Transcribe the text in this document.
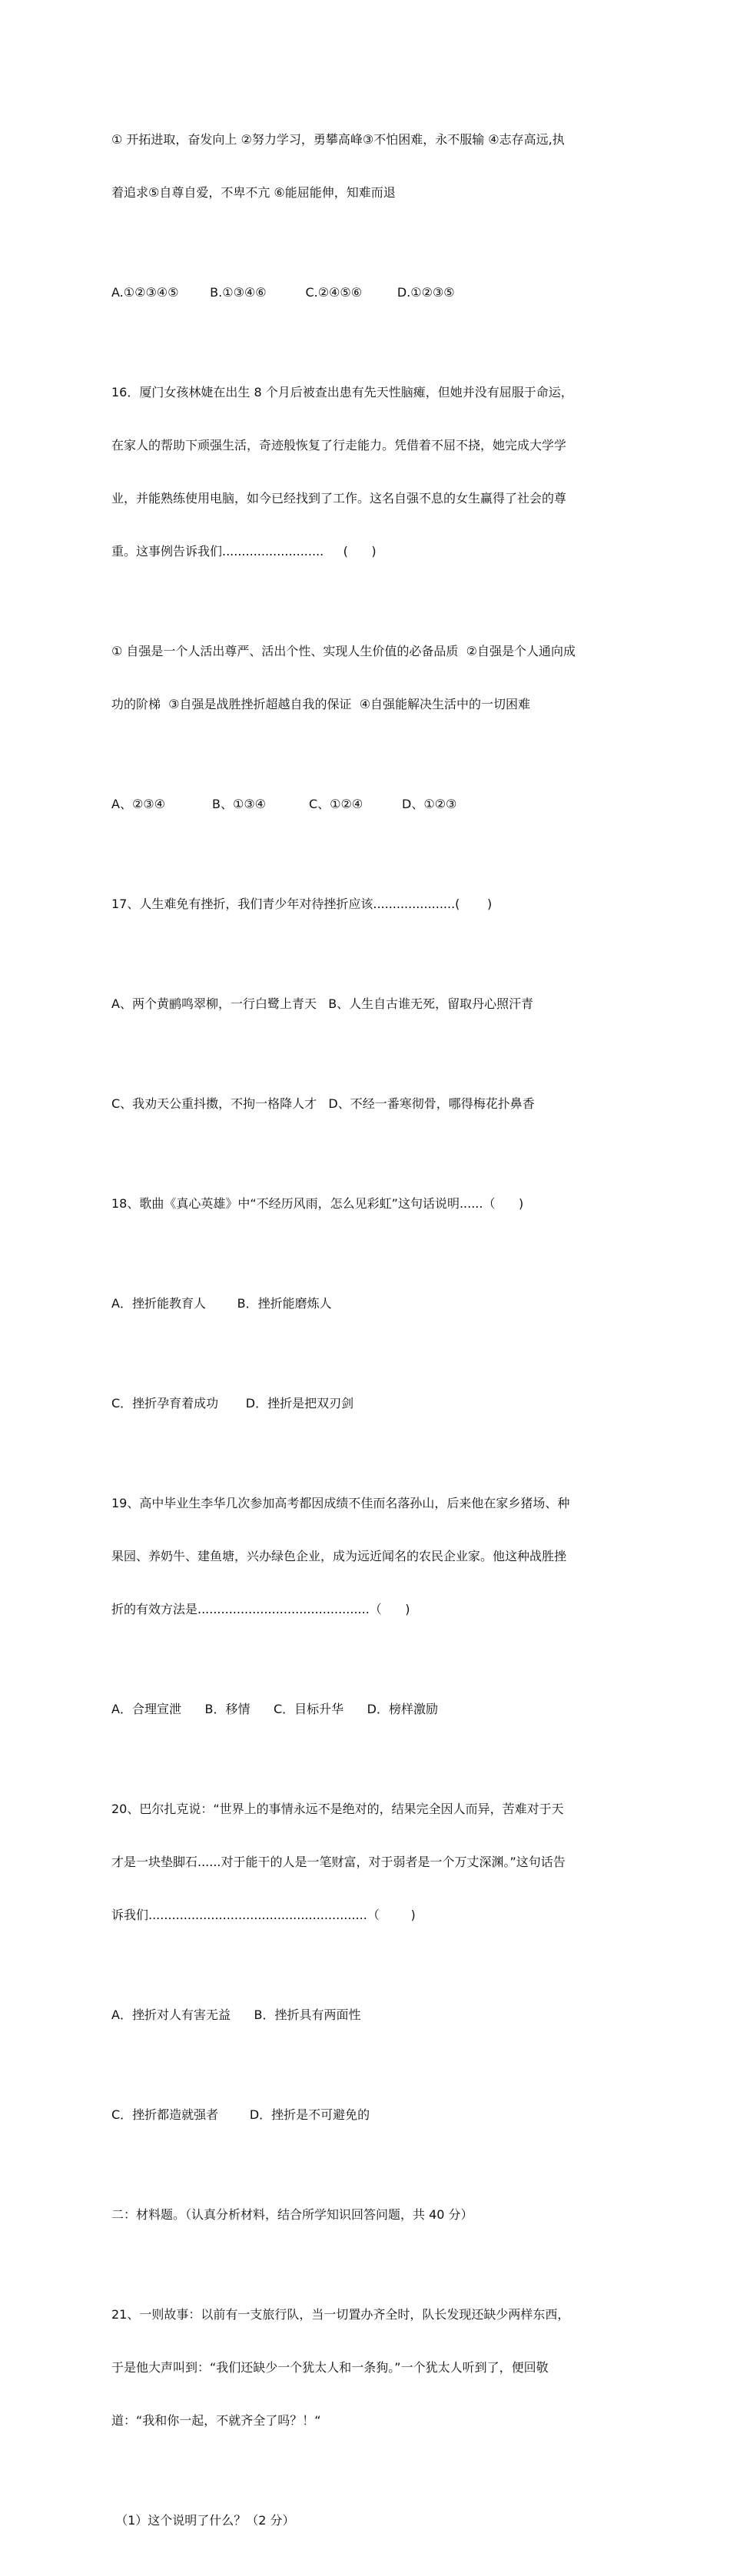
① 开拓进取，奋发向上 ②努力学习，勇攀高峰③不怕困难，永不服输 ④志存高远,执

着追求⑤自尊自爱，不卑不亢 ⑥能屈能伸，知难而退

A.①②③④⑤        B.①③④⑥          C.②④⑤⑥         D.①②③⑤

16．厦门女孩林婕在出生 8 个月后被查出患有先天性脑瘫，但她并没有屈服于命运，

在家人的帮助下顽强生活，奇迹般恢复了行走能力。凭借着不屈不挠，她完成大学学

业，并能熟练使用电脑，如今已经找到了工作。这名自强不息的女生赢得了社会的尊

重。这事例告诉我们..........................     (      )

① 自强是一个人活出尊严、活出个性、实现人生价值的必备品质  ②自强是个人通向成

功的阶梯  ③自强是战胜挫折超越自我的保证  ④自强能解决生活中的一切困难

A、②③④            B、①③④           C、①②④          D、①②③

17、人生难免有挫折，我们青少年对待挫折应该.....................(       )

A、两个黄鹂鸣翠柳，一行白鹭上青天   B、人生自古谁无死，留取丹心照汗青

C、我劝天公重抖擞，不拘一格降人才   D、不经一番寒彻骨，哪得梅花扑鼻香

18、歌曲《真心英雄》中“不经历风雨，怎么见彩虹”这句话说明......（      )

A．挫折能教育人        B．挫折能磨炼人

C．挫折孕育着成功       D．挫折是把双刃剑

19、高中毕业生李华几次参加高考都因成绩不佳而名落孙山，后来他在家乡猪场、种

果园、养奶牛、建鱼塘，兴办绿色企业，成为远近闻名的农民企业家。他这种战胜挫

折的有效方法是............................................（      )

A．合理宣泄      B．移情      C．目标升华      D．榜样激励

20、巴尔扎克说：“世界上的事情永远不是绝对的，结果完全因人而异，苦难对于天

才是一块垫脚石......对于能干的人是一笔财富，对于弱者是一个万丈深渊。”这句话告

诉我们........................................................（        )

A．挫折对人有害无益      B．挫折具有两面性

C．挫折都造就强者        D．挫折是不可避免的

二：材料题。（认真分析材料，结合所学知识回答问题，共 40 分）

21、一则故事：以前有一支旅行队，当一切置办齐全时，队长发现还缺少两样东西，

于是他大声叫到：“我们还缺少一个犹太人和一条狗。”一个犹太人听到了，便回敬

道：“我和你一起，不就齐全了吗？！“

（1）这个说明了什么？（2 分）
